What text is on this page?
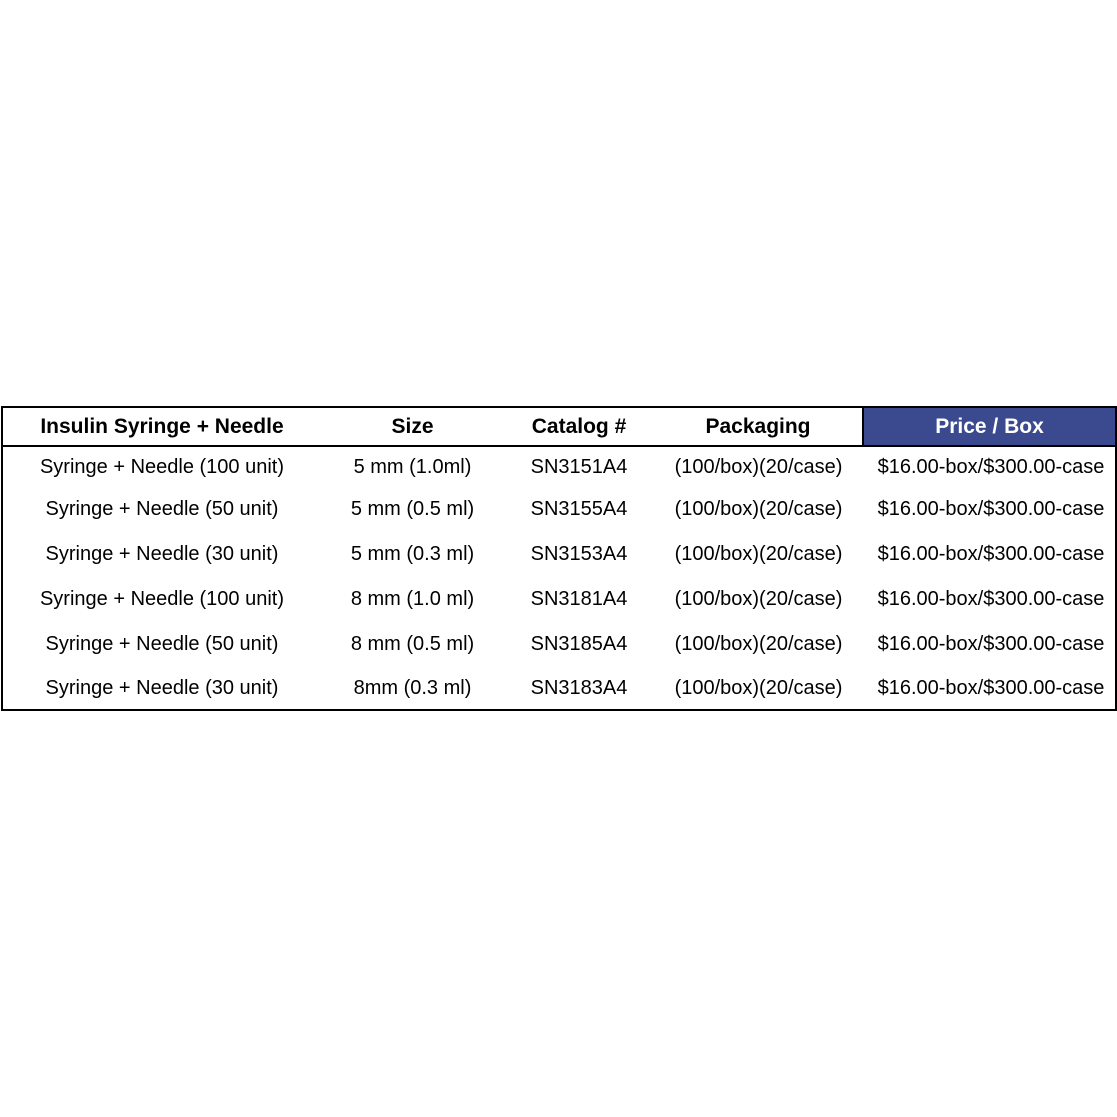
Insulin Syringe + Needle	Size	Catalog #	Packaging	Price / Box
Syringe + Needle (100 unit)	5 mm (1.0ml)	SN3151A4	(100/box)(20/case)	$16.00-box/$300.00-case
Syringe + Needle (50 unit)	5 mm (0.5 ml)	SN3155A4	(100/box)(20/case)	$16.00-box/$300.00-case
Syringe + Needle (30 unit)	5 mm (0.3 ml)	SN3153A4	(100/box)(20/case)	$16.00-box/$300.00-case
Syringe + Needle (100 unit)	8 mm (1.0 ml)	SN3181A4	(100/box)(20/case)	$16.00-box/$300.00-case
Syringe + Needle (50 unit)	8 mm (0.5 ml)	SN3185A4	(100/box)(20/case)	$16.00-box/$300.00-case
Syringe + Needle (30 unit)	8mm (0.3 ml)	SN3183A4	(100/box)(20/case)	$16.00-box/$300.00-case
